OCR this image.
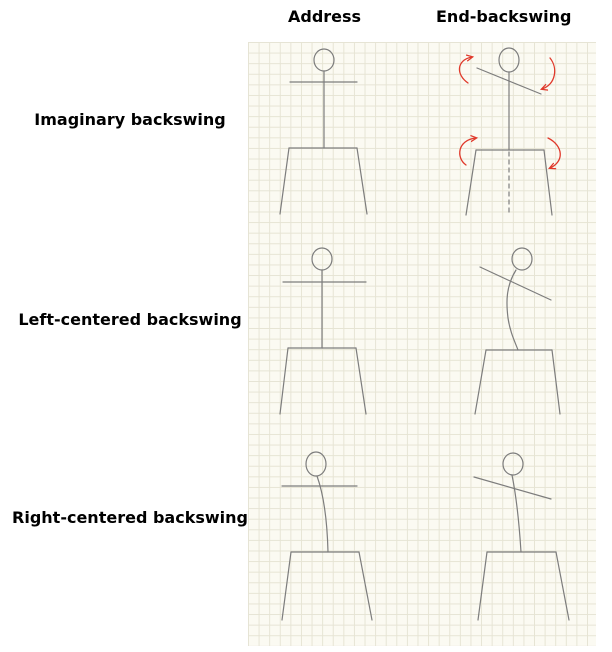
Address	End-backswing
Imaginary backswing
Left-centered backswing
Right-centered backswing
